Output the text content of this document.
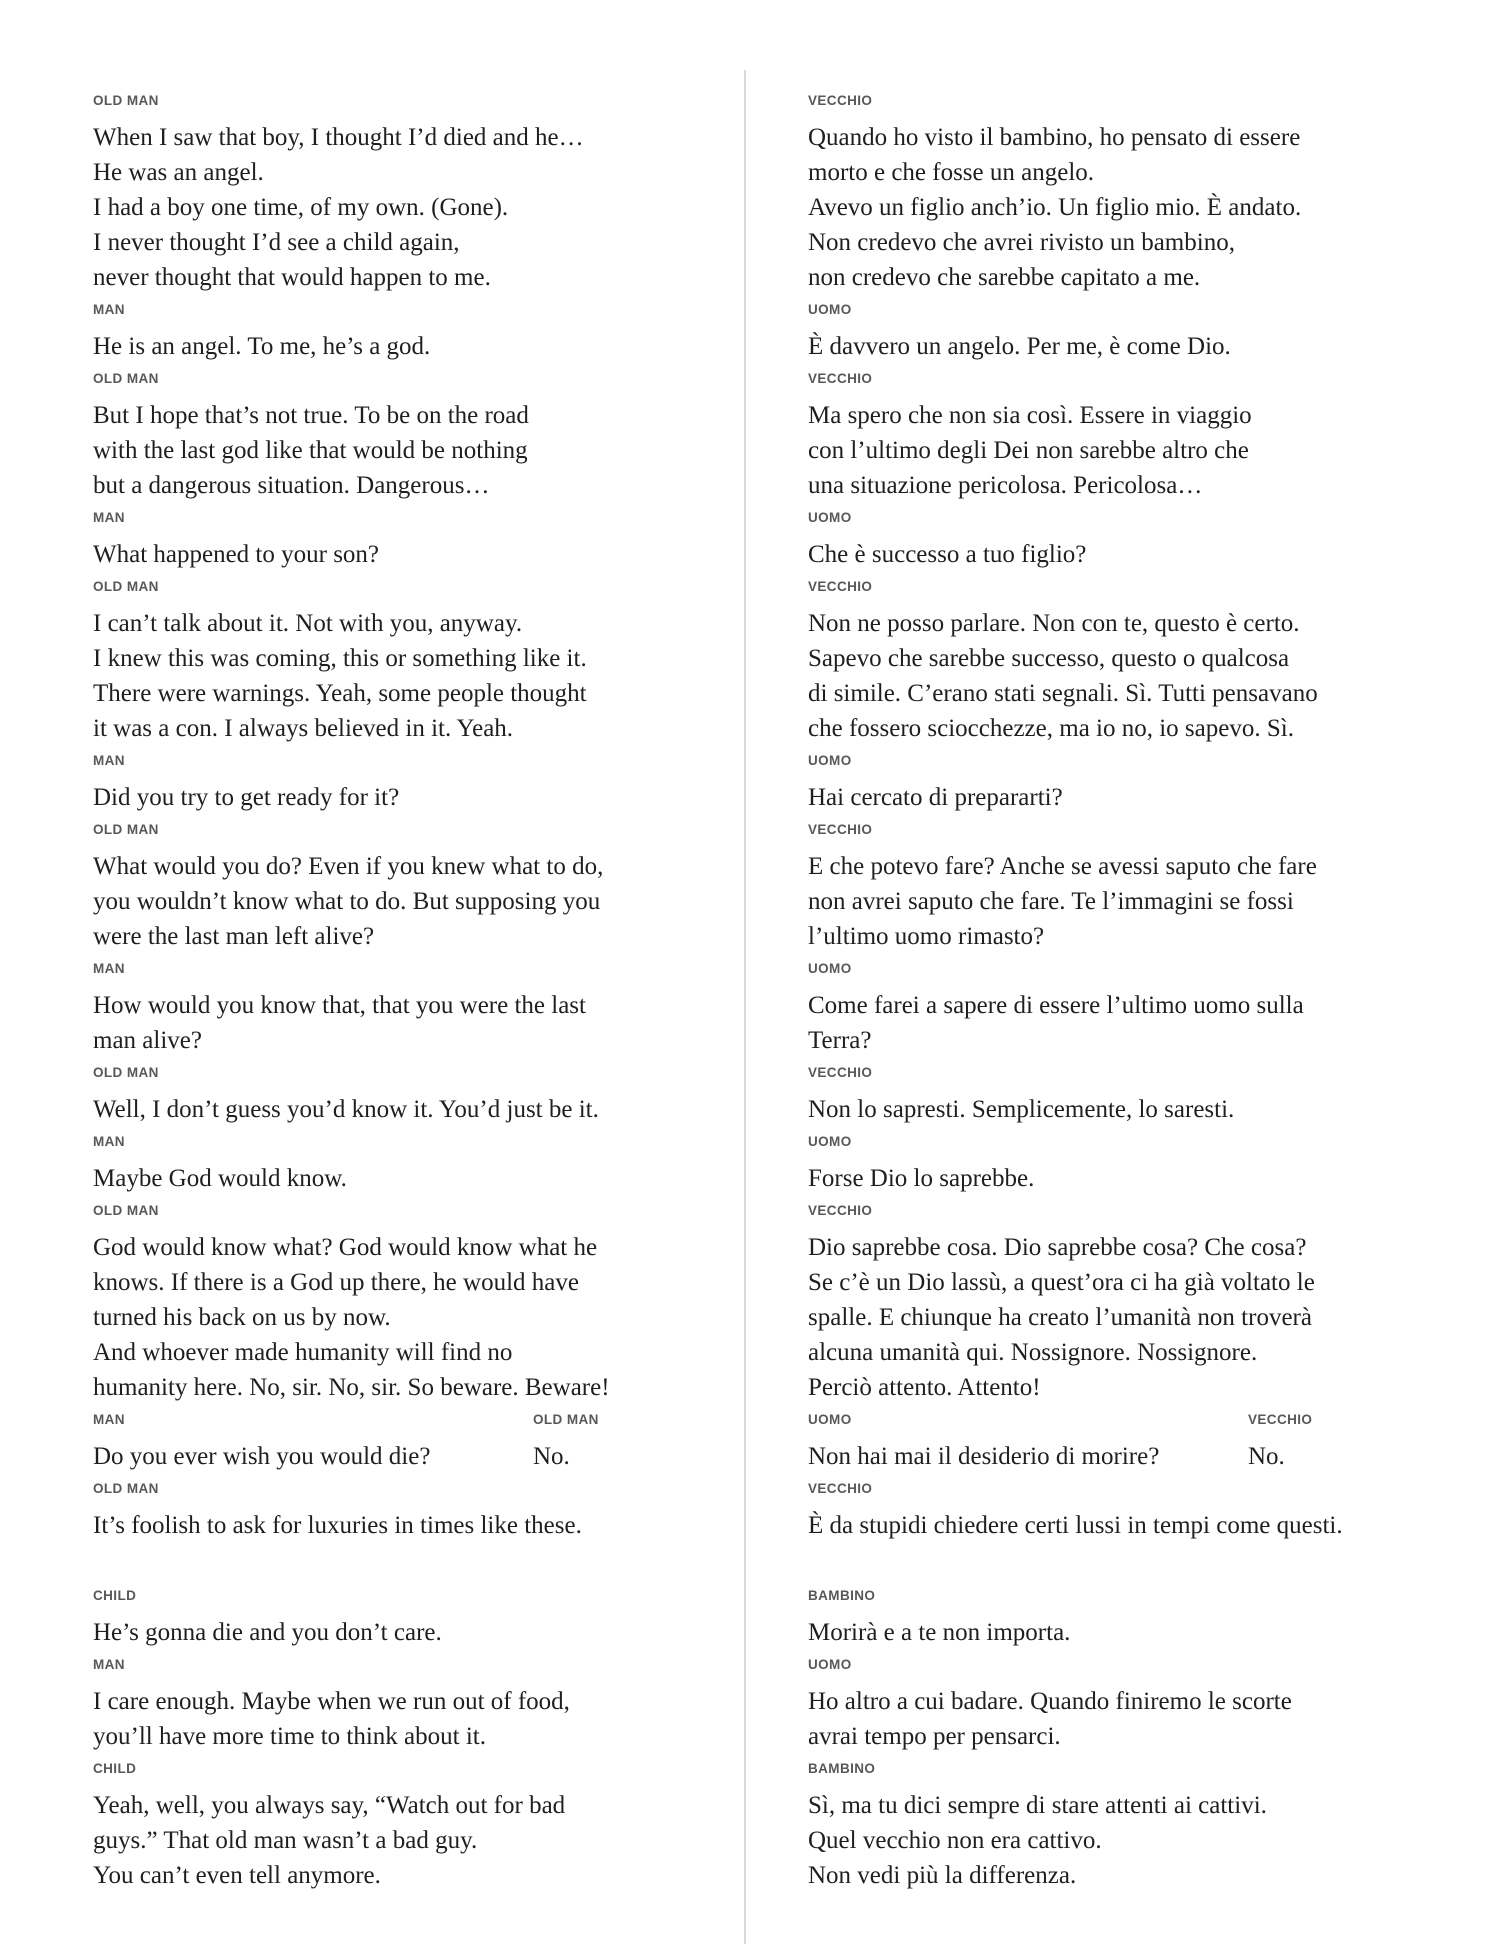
OLD MAN
When I saw that boy, I thought I’d died and he…
He was an angel.
I had a boy one time, of my own. (Gone).
I never thought I’d see a child again,
never thought that would happen to me.
MAN
He is an angel. To me, he’s a god.
OLD MAN
But I hope that’s not true. To be on the road
with the last god like that would be nothing
but a dangerous situation. Dangerous…
MAN
What happened to your son?
OLD MAN
I can’t talk about it. Not with you, anyway.
I knew this was coming, this or something like it.
There were warnings. Yeah, some people thought
it was a con. I always believed in it. Yeah.
MAN
Did you try to get ready for it?
OLD MAN
What would you do? Even if you knew what to do,
you wouldn’t know what to do. But supposing you
were the last man left alive?
MAN
How would you know that, that you were the last
man alive?
OLD MAN
Well, I don’t guess you’d know it. You’d just be it.
MAN
Maybe God would know.
OLD MAN
God would know what? God would know what he
knows. If there is a God up there, he would have
turned his back on us by now.
And whoever made humanity will find no
humanity here. No, sir. No, sir. So beware. Beware!
MAN	OLD MAN
Do you ever wish you would die?	No.
OLD MAN
It’s foolish to ask for luxuries in times like these.
CHILD
He’s gonna die and you don’t care.
MAN
I care enough. Maybe when we run out of food,
you’ll have more time to think about it.
CHILD
Yeah, well, you always say, “Watch out for bad
guys.” That old man wasn’t a bad guy.
You can’t even tell anymore.
VECCHIO
Quando ho visto il bambino, ho pensato di essere
morto e che fosse un angelo.
Avevo un figlio anch’io. Un figlio mio. È andato.
Non credevo che avrei rivisto un bambino,
non credevo che sarebbe capitato a me.
UOMO
È davvero un angelo. Per me, è come Dio.
VECCHIO
Ma spero che non sia così. Essere in viaggio
con l’ultimo degli Dei non sarebbe altro che
una situazione pericolosa. Pericolosa…
UOMO
Che è successo a tuo figlio?
VECCHIO
Non ne posso parlare. Non con te, questo è certo.
Sapevo che sarebbe successo, questo o qualcosa
di simile. C’erano stati segnali. Sì. Tutti pensavano
che fossero sciocchezze, ma io no, io sapevo. Sì.
UOMO
Hai cercato di prepararti?
VECCHIO
E che potevo fare? Anche se avessi saputo che fare
non avrei saputo che fare. Te l’immagini se fossi
l’ultimo uomo rimasto?
UOMO
Come farei a sapere di essere l’ultimo uomo sulla
Terra?
VECCHIO
Non lo sapresti. Semplicemente, lo saresti.
UOMO
Forse Dio lo saprebbe.
VECCHIO
Dio saprebbe cosa. Dio saprebbe cosa? Che cosa?
Se c’è un Dio lassù, a quest’ora ci ha già voltato le
spalle. E chiunque ha creato l’umanità non troverà
alcuna umanità qui. Nossignore. Nossignore.
Perciò attento. Attento!
UOMO	VECCHIO
Non hai mai il desiderio di morire?	No.
VECCHIO
È da stupidi chiedere certi lussi in tempi come questi.
BAMBINO
Morirà e a te non importa.
UOMO
Ho altro a cui badare. Quando finiremo le scorte
avrai tempo per pensarci.
BAMBINO
Sì, ma tu dici sempre di stare attenti ai cattivi.
Quel vecchio non era cattivo.
Non vedi più la differenza.
